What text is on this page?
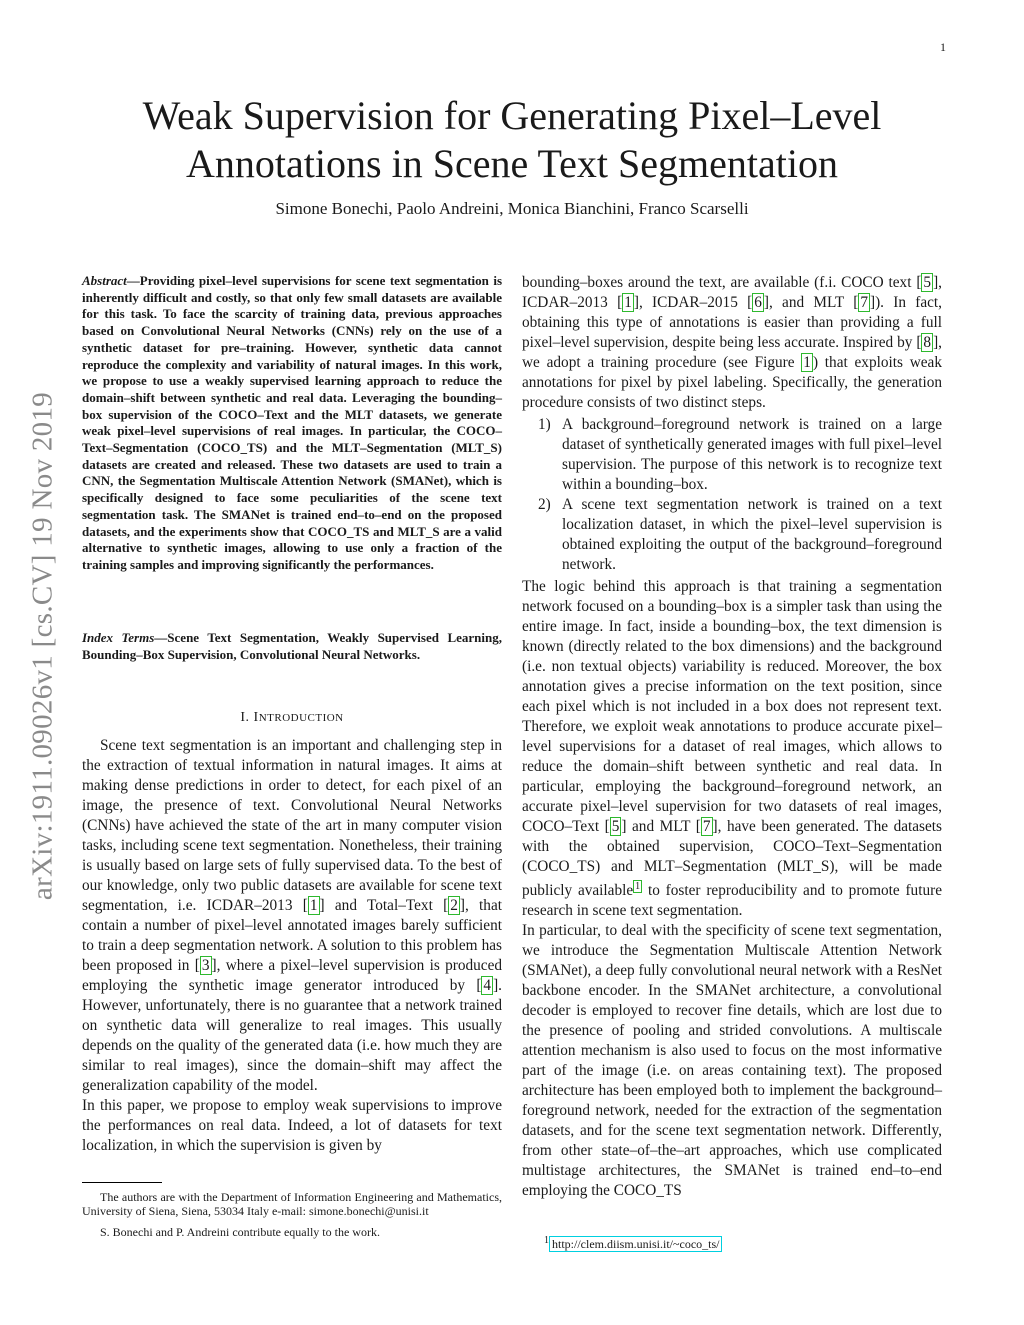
1
Weak Supervision for Generating Pixel–Level
Annotations in Scene Text Segmentation
Simone Bonechi, Paolo Andreini, Monica Bianchini, Franco Scarselli
arXiv:1911.09026v1 [cs.CV] 19 Nov 2019

Abstract—Providing pixel–level supervisions for scene text segmentation is inherently difficult and costly, so that only few small datasets are available for this task. To face the scarcity of training data, previous approaches based on Convolutional Neural Networks (CNNs) rely on the use of a synthetic dataset for pre–training. However, synthetic data cannot reproduce the complexity and variability of natural images. In this work, we propose to use a weakly supervised learning approach to reduce the domain–shift between synthetic and real data. Leveraging the bounding–box supervision of the COCO–Text and the MLT datasets, we generate weak pixel–level supervisions of real images. In particular, the COCO–Text–Segmentation (COCO_TS) and the MLT–Segmentation (MLT_S) datasets are created and released. These two datasets are used to train a CNN, the Segmentation Multiscale Attention Network (SMANet), which is specifically designed to face some peculiarities of the scene text segmentation task. The SMANet is trained end–to–end on the proposed datasets, and the experiments show that COCO_TS and MLT_S are a valid alternative to synthetic images, allowing to use only a fraction of the training samples and improving significantly the performances.

Index Terms—Scene Text Segmentation, Weakly Supervised Learning, Bounding–Box Supervision, Convolutional Neural Networks.

I. INTRODUCTION

Scene text segmentation is an important and challenging step in the extraction of textual information in natural images. It aims at making dense predictions in order to detect, for each pixel of an image, the presence of text. Convolutional Neural Networks (CNNs) have achieved the state of the art in many computer vision tasks, including scene text segmentation. Nonetheless, their training is usually based on large sets of fully supervised data. To the best of our knowledge, only two public datasets are available for scene text segmentation, i.e. ICDAR–2013 [ 1 ] and Total–Text [ 2 ], that contain a number of pixel–level annotated images barely sufficient to train a deep segmentation network. A solution to this problem has been proposed in [ 3 ], where a pixel–level supervision is produced employing the synthetic image generator introduced by [ 4 ]. However, unfortunately, there is no guarantee that a network trained on synthetic data will generalize to real images. This usually depends on the quality of the generated data (i.e. how much they are similar to real images), since the domain–shift may affect the generalization capability of the model.

In this paper, we propose to employ weak supervisions to improve the performances on real data. Indeed, a lot of datasets for text localization, in which the supervision is given by

The authors are with the Department of Information Engineering and Mathematics, University of Siena, Siena, 53034 Italy e-mail: simone.bonechi@unisi.it

S. Bonechi and P. Andreini contribute equally to the work.

bounding–boxes around the text, are available (f.i. COCO text [ 5 ], ICDAR–2013 [ 1 ], ICDAR–2015 [ 6 ], and MLT [ 7 ]). In fact, obtaining this type of annotations is easier than providing a full pixel–level supervision, despite being less accurate. Inspired by [ 8 ], we adopt a training procedure (see Figure 1 ) that exploits weak annotations for pixel by pixel labeling. Specifically, the generation procedure consists of two distinct steps.

1) A background–foreground network is trained on a large dataset of synthetically generated images with full pixel–level supervision. The purpose of this network is to recognize text within a bounding–box.
2) A scene text segmentation network is trained on a text localization dataset, in which the pixel–level supervision is obtained exploiting the output of the background–foreground network.

The logic behind this approach is that training a segmentation network focused on a bounding–box is a simpler task than using the entire image. In fact, inside a bounding–box, the text dimension is known (directly related to the box dimensions) and the background (i.e. non textual objects) variability is reduced. Moreover, the box annotation gives a precise information on the text position, since each pixel which is not included in a box does not represent text. Therefore, we exploit weak annotations to produce accurate pixel–level supervisions for a dataset of real images, which allows to reduce the domain–shift between synthetic and real data. In particular, employing the background–foreground network, an accurate pixel–level supervision for two datasets of real images, COCO–Text [ 5 ] and MLT [ 7 ], have been generated. The datasets with the obtained supervision, COCO–Text–Segmentation (COCO_TS) and MLT–Segmentation (MLT_S), will be made publicly available $^1$ to foster reproducibility and to promote future research in scene text segmentation.

In particular, to deal with the specificity of scene text segmentation, we introduce the Segmentation Multiscale Attention Network (SMANet), a deep fully convolutional neural network with a ResNet backbone encoder. In the SMANet architecture, a convolutional decoder is employed to recover fine details, which are lost due to the presence of pooling and strided convolutions. A multiscale attention mechanism is also used to focus on the most informative part of the image (i.e. on areas containing text). The proposed architecture has been employed both to implement the background–foreground network, needed for the extraction of the segmentation datasets, and for the scene text segmentation network. Differently, from other state–of–the–art approaches, which use complicated multistage architectures, the SMANet is trained end–to–end employing the COCO_TS

$^1$ http://clem.diism.unisi.it/~coco_ts/
